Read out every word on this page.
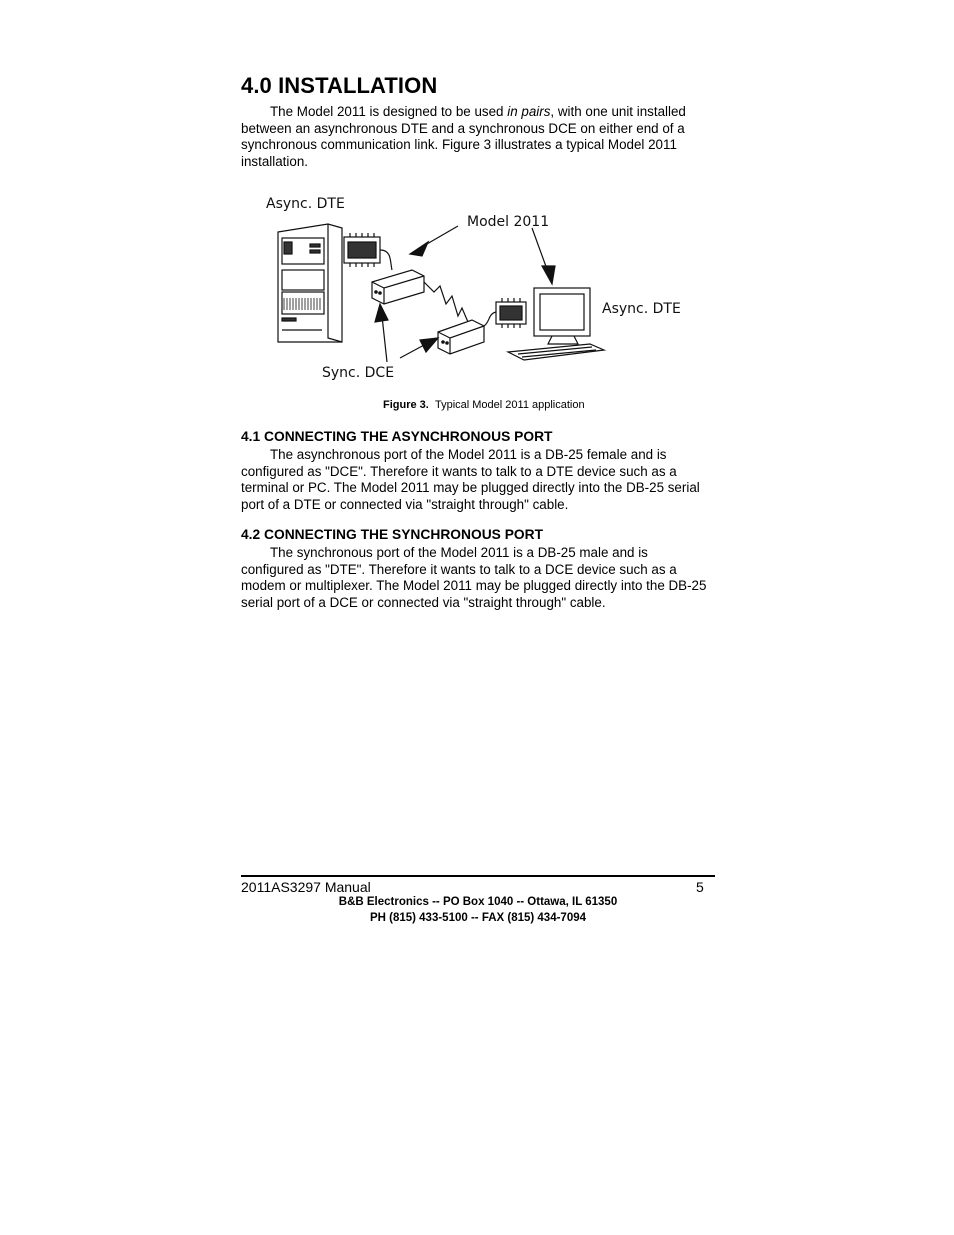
4.0 INSTALLATION

The Model 2011 is designed to be used in pairs, with one unit installed between an asynchronous DTE and a synchronous DCE on either end of a synchronous communication link. Figure 3 illustrates a typical Model 2011 installation.

Async. DTE
Model 2011
Async. DTE
Sync. DCE
Figure 3. Typical Model 2011 application
4.1 CONNECTING THE ASYNCHRONOUS PORT

The asynchronous port of the Model 2011 is a DB-25 female and is configured as "DCE". Therefore it wants to talk to a DTE device such as a terminal or PC. The Model 2011 may be plugged directly into the DB-25 serial port of a DTE or connected via "straight through" cable.

4.2 CONNECTING THE SYNCHRONOUS PORT

The synchronous port of the Model 2011 is a DB-25 male and is configured as "DTE". Therefore it wants to talk to a DCE device such as a modem or multiplexer. The Model 2011 may be plugged directly into the DB-25 serial port of a DCE or connected via "straight through" cable.

2011AS3297 Manual	5
B&B Electronics -- PO Box 1040 -- Ottawa, IL 61350
PH (815) 433-5100 -- FAX (815) 434-7094
